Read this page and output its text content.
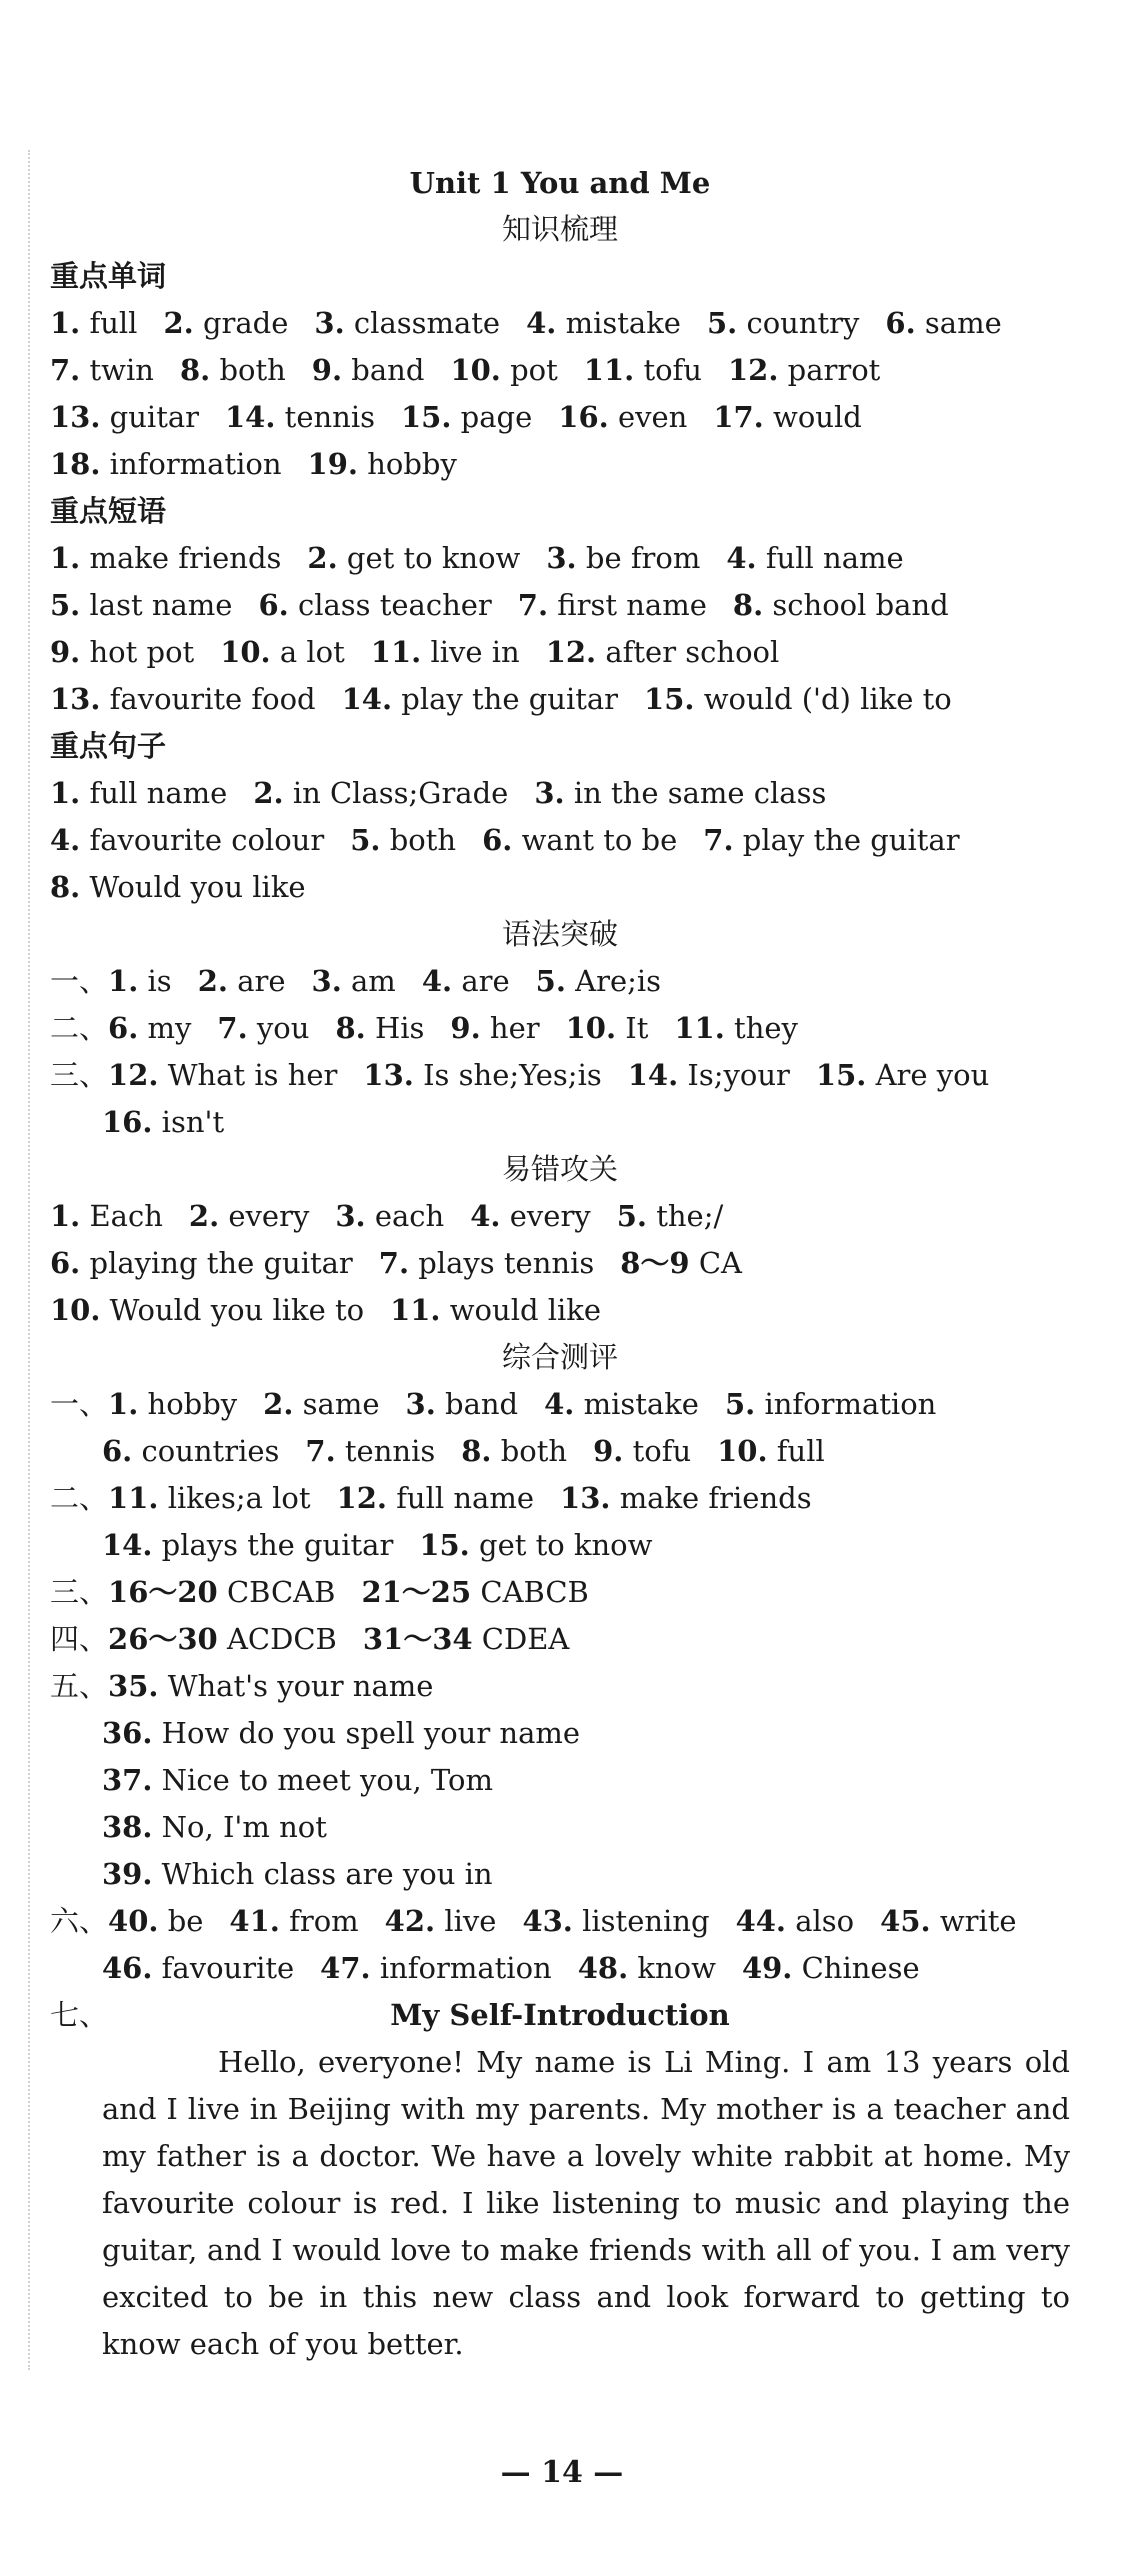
Unit 1 You and Me
知识梳理
重点单词
1. full 2. grade 3. classmate 4. mistake 5. country 6. same
7. twin 8. both 9. band 10. pot 11. tofu 12. parrot
13. guitar 14. tennis 15. page 16. even 17. would
18. information 19. hobby
重点短语
1. make friends 2. get to know 3. be from 4. full name
5. last name 6. class teacher 7. first name 8. school band
9. hot pot 10. a lot 11. live in 12. after school
13. favourite food 14. play the guitar 15. would ('d) like to
重点句子
1. full name 2. in Class;Grade 3. in the same class
4. favourite colour 5. both 6. want to be 7. play the guitar
8. Would you like
语法突破
一、1. is 2. are 3. am 4. are 5. Are;is
二、6. my 7. you 8. His 9. her 10. It 11. they
三、12. What is her 13. Is she;Yes;is 14. Is;your 15. Are you
16. isn't
易错攻关
1. Each 2. every 3. each 4. every 5. the;/
6. playing the guitar 7. plays tennis 8～9 CA
10. Would you like to 11. would like
综合测评
一、1. hobby 2. same 3. band 4. mistake 5. information
6. countries 7. tennis 8. both 9. tofu 10. full
二、11. likes;a lot 12. full name 13. make friends
14. plays the guitar 15. get to know
三、16～20 CBCAB 21～25 CABCB
四、26～30 ACDCB 31～34 CDEA
五、35. What's your name
36. How do you spell your name
37. Nice to meet you, Tom
38. No, I'm not
39. Which class are you in
六、40. be 41. from 42. live 43. listening 44. also 45. write
46. favourite 47. information 48. know 49. Chinese
七、	My Self-Introduction

Hello, everyone! My name is Li Ming. I am 13 years old and I live in Beijing with my parents. My mother is a teacher and my father is a doctor. We have a lovely white rabbit at home. My favourite colour is red. I like listening to music and playing the guitar, and I would love to make friends with all of you. I am very excited to be in this new class and look forward to getting to know each of you better.

— 14 —
